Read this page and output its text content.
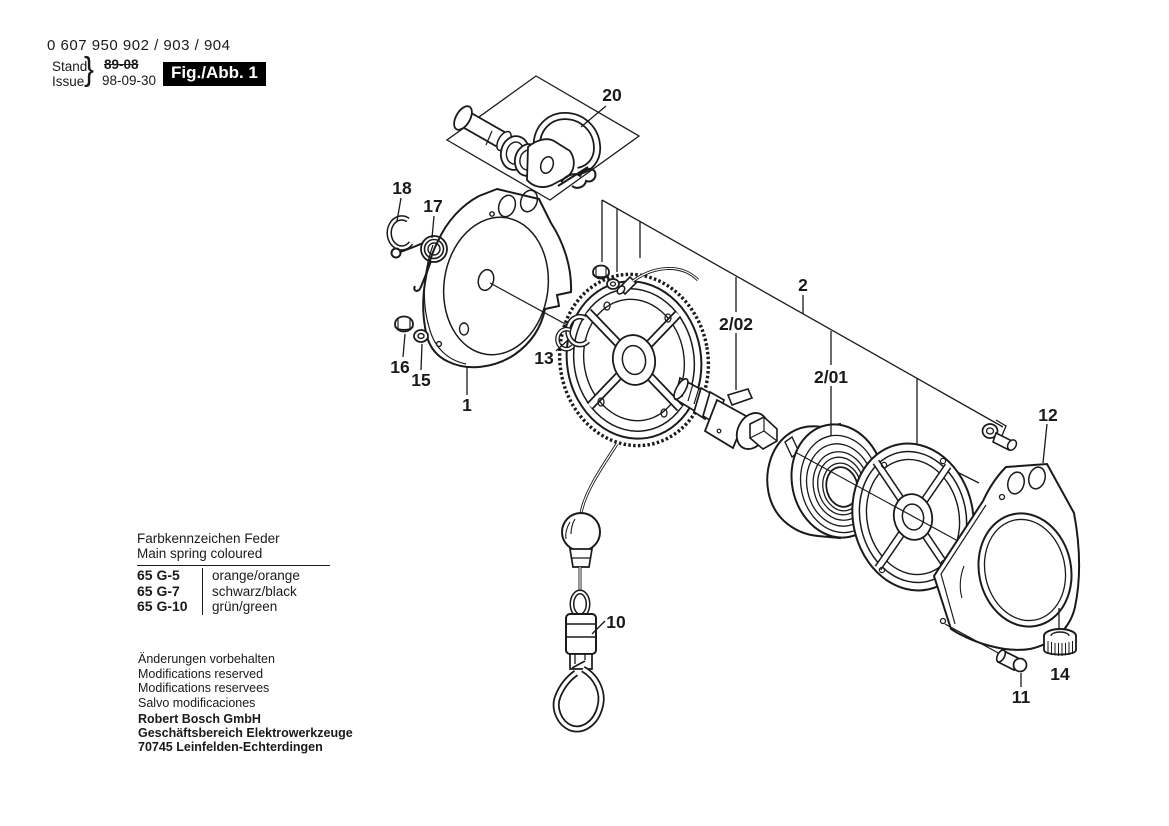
0 607 950 902 / 903 / 904
Stand
Issue } 89-08
98-09-30 Fig./Abb. 1
20
18
17
16
15
13
1
2
2/02
2/01
12
10
11
14
Farbkennzeichen Feder
Main spring coloured
65 G-5	orange/orange
65 G-7	schwarz/black
65 G-10	grün/green
Änderungen vorbehalten
Modifications reserved
Modifications reservees
Salvo modificaciones
Robert Bosch GmbH
Geschäftsbereich Elektrowerkzeuge
70745 Leinfelden-Echterdingen
